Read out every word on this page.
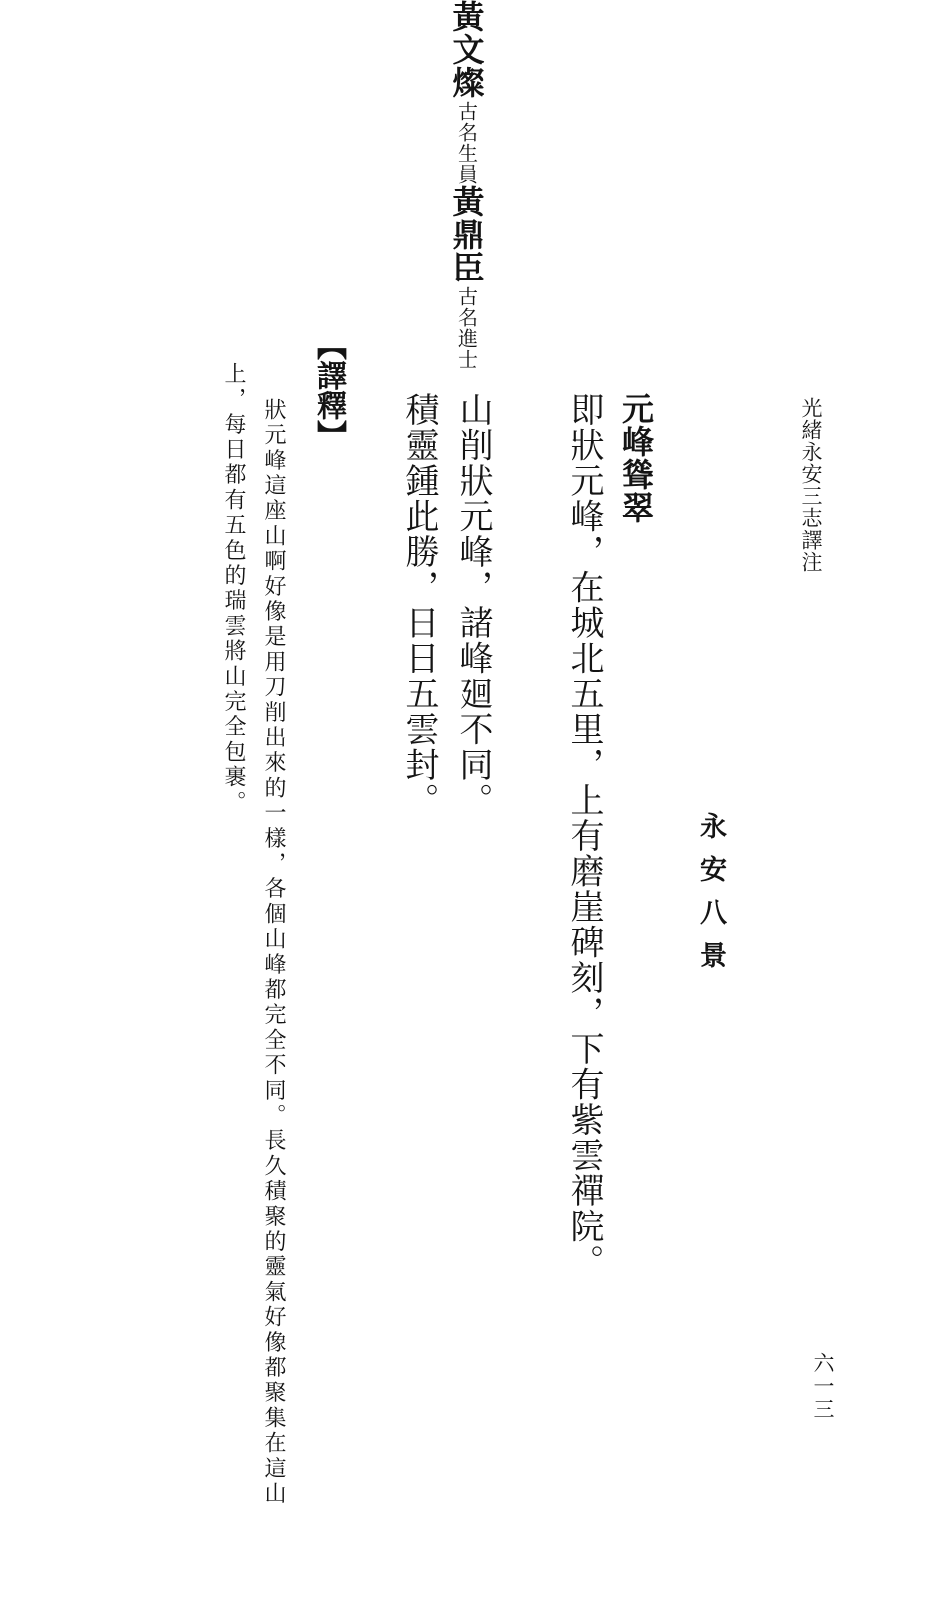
光緒永安三志譯注
六一三
永安八景
元峰聳翠
即狀元峰，在城北五里，上有磨崖碑刻，下有紫雲禪院。
黃文燦
古名生員
山削狀元峰，諸峰廻不同。
積靈鍾此勝，日日五雲封。
【譯釋】
狀元峰這座山啊好像是用刀削出來的一樣，各個山峰都完全不同。長久積聚的靈氣好像都聚集在這山
上，每日都有五色的瑞雲將山完全包裹。
黃鼎臣
古名進士
